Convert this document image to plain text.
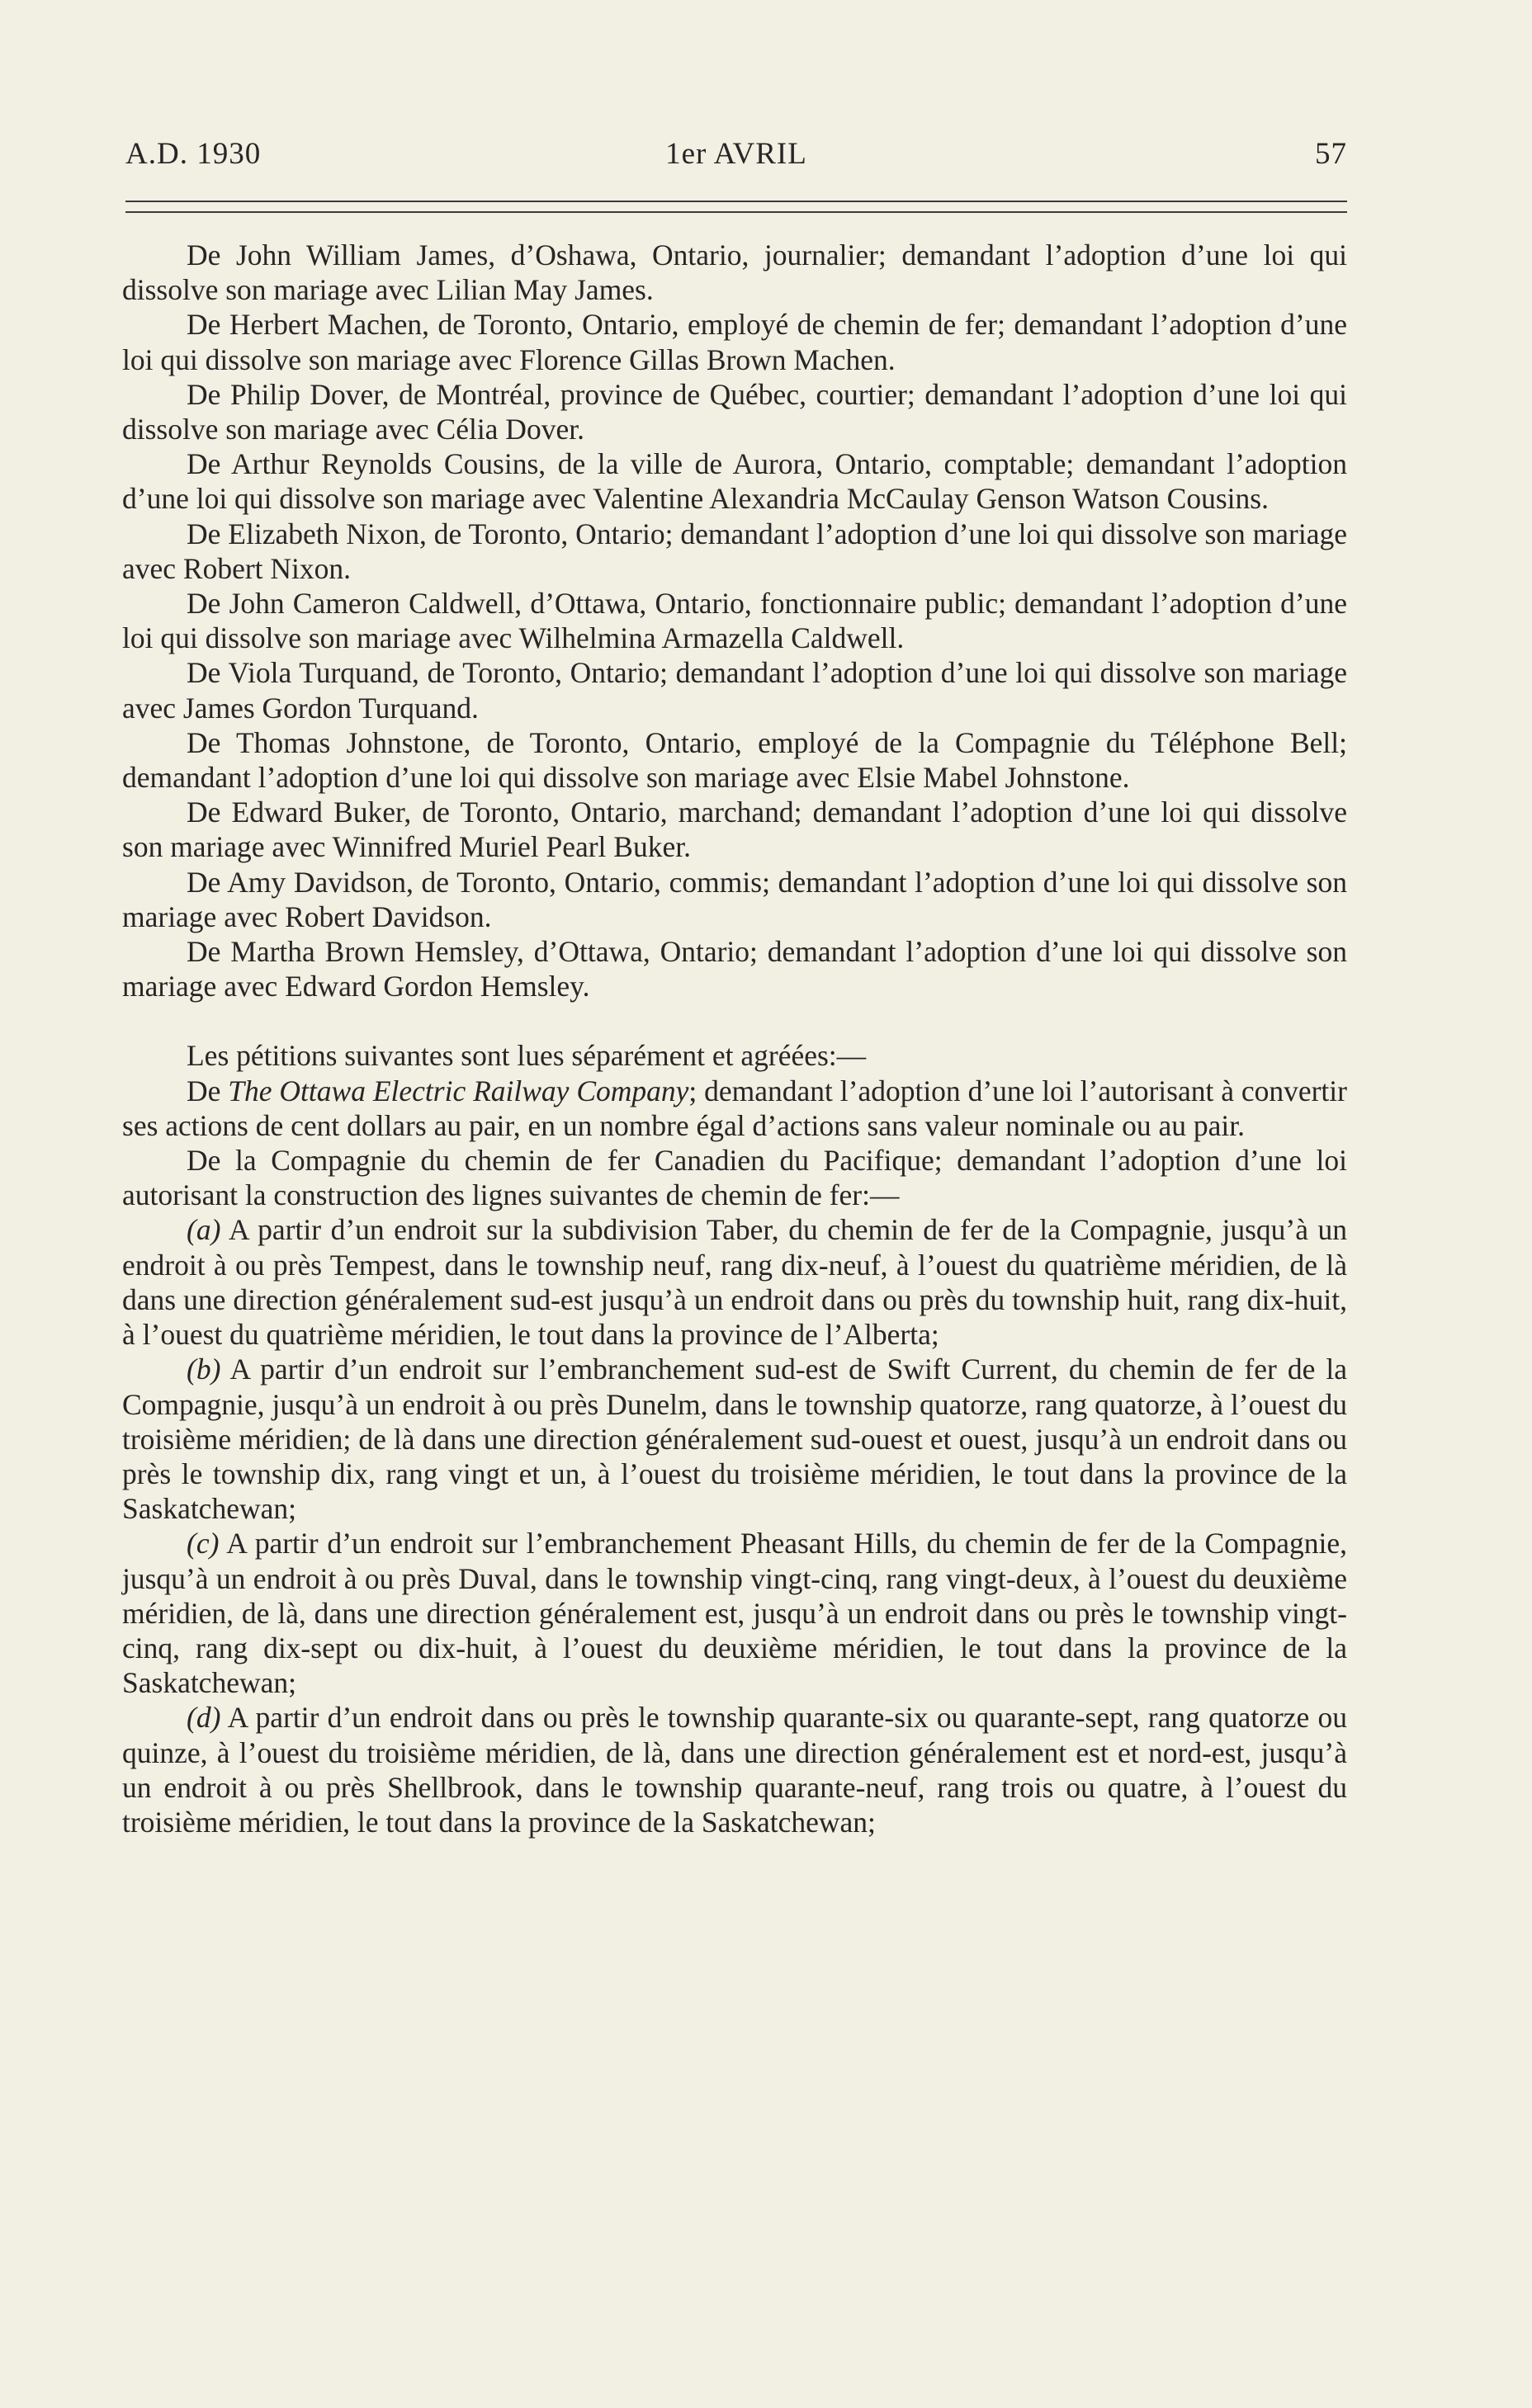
A.D. 1930	1er AVRIL	57

De John William James, d’Oshawa, Ontario, journalier; demandant l’adoption d’une loi qui dissolve son mariage avec Lilian May James.

De Herbert Machen, de Toronto, Ontario, employé de chemin de fer; demandant l’adoption d’une loi qui dissolve son mariage avec Florence Gillas Brown Machen.

De Philip Dover, de Montréal, province de Québec, courtier; demandant l’adoption d’une loi qui dissolve son mariage avec Célia Dover.

De Arthur Reynolds Cousins, de la ville de Aurora, Ontario, comptable; demandant l’adoption d’une loi qui dissolve son mariage avec Valentine Alexandria McCaulay Genson Watson Cousins.

De Elizabeth Nixon, de Toronto, Ontario; demandant l’adoption d’une loi qui dissolve son mariage avec Robert Nixon.

De John Cameron Caldwell, d’Ottawa, Ontario, fonctionnaire public; demandant l’adoption d’une loi qui dissolve son mariage avec Wilhelmina Armazella Caldwell.

De Viola Turquand, de Toronto, Ontario; demandant l’adoption d’une loi qui dissolve son mariage avec James Gordon Turquand.

De Thomas Johnstone, de Toronto, Ontario, employé de la Compagnie du Téléphone Bell; demandant l’adoption d’une loi qui dissolve son mariage avec Elsie Mabel Johnstone.

De Edward Buker, de Toronto, Ontario, marchand; demandant l’adoption d’une loi qui dissolve son mariage avec Winnifred Muriel Pearl Buker.

De Amy Davidson, de Toronto, Ontario, commis; demandant l’adoption d’une loi qui dissolve son mariage avec Robert Davidson.

De Martha Brown Hemsley, d’Ottawa, Ontario; demandant l’adoption d’une loi qui dissolve son mariage avec Edward Gordon Hemsley.

Les pétitions suivantes sont lues séparément et agréées:—

De The Ottawa Electric Railway Company; demandant l’adoption d’une loi l’autorisant à convertir ses actions de cent dollars au pair, en un nombre égal d’actions sans valeur nominale ou au pair.

De la Compagnie du chemin de fer Canadien du Pacifique; demandant l’adoption d’une loi autorisant la construction des lignes suivantes de chemin de fer:—

(a) A partir d’un endroit sur la subdivision Taber, du chemin de fer de la Compagnie, jusqu’à un endroit à ou près Tempest, dans le township neuf, rang dix-neuf, à l’ouest du quatrième méridien, de là dans une direction généralement sud-est jusqu’à un endroit dans ou près du township huit, rang dix-huit, à l’ouest du quatrième méridien, le tout dans la province de l’Alberta;

(b) A partir d’un endroit sur l’embranchement sud-est de Swift Current, du chemin de fer de la Compagnie, jusqu’à un endroit à ou près Dunelm, dans le township quatorze, rang quatorze, à l’ouest du troisième méridien; de là dans une direction généralement sud-ouest et ouest, jusqu’à un endroit dans ou près le township dix, rang vingt et un, à l’ouest du troisième méridien, le tout dans la province de la Saskatchewan;

(c) A partir d’un endroit sur l’embranchement Pheasant Hills, du chemin de fer de la Compagnie, jusqu’à un endroit à ou près Duval, dans le township vingt-cinq, rang vingt-deux, à l’ouest du deuxième méridien, de là, dans une direction généralement est, jusqu’à un endroit dans ou près le township vingt-cinq, rang dix-sept ou dix-huit, à l’ouest du deuxième méridien, le tout dans la province de la Saskatchewan;

(d) A partir d’un endroit dans ou près le township quarante-six ou quarante-sept, rang quatorze ou quinze, à l’ouest du troisième méridien, de là, dans une direction généralement est et nord-est, jusqu’à un endroit à ou près Shellbrook, dans le township quarante-neuf, rang trois ou quatre, à l’ouest du troisième méridien, le tout dans la province de la Saskatchewan;
